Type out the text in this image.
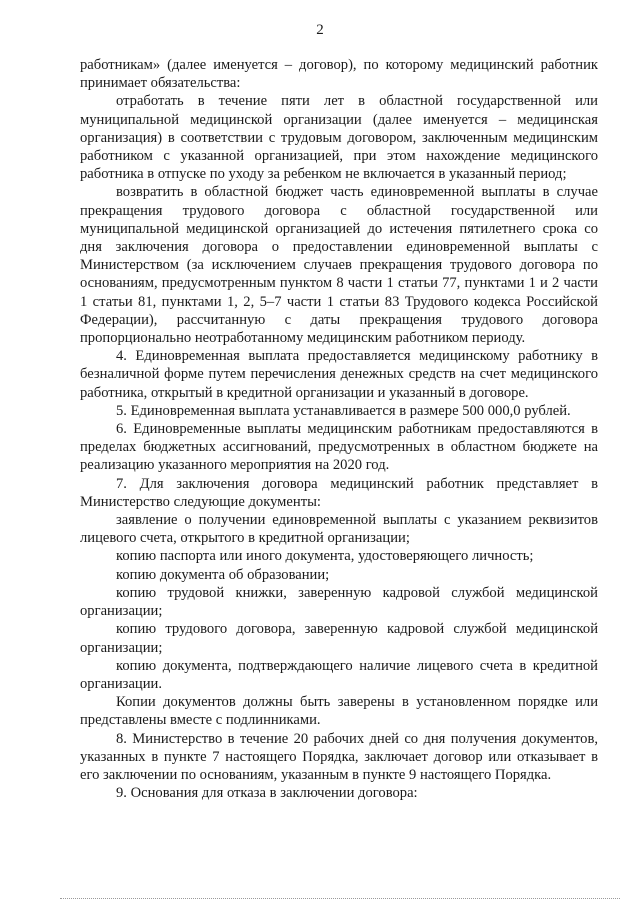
2

работникам» (далее именуется – договор), по которому медицинский работник принимает обязательства:

отработать в течение пяти лет в областной государственной или муниципальной медицинской организации (далее именуется – медицинская организация) в соответствии с трудовым договором, заключенным медицинским работником с указанной организацией, при этом нахождение медицинского работника в отпуске по уходу за ребенком не включается в указанный период;

возвратить в областной бюджет часть единовременной выплаты в случае прекращения трудового договора с областной государственной или муниципальной медицинской организацией до истечения пятилетнего срока со дня заключения договора о предоставлении единовременной выплаты с Министерством (за исключением случаев прекращения трудового договора по основаниям, предусмотренным пунктом 8 части 1 статьи 77, пунктами 1 и 2 части 1 статьи 81, пунктами 1, 2, 5–7 части 1 статьи 83 Трудового кодекса Российской Федерации), рассчитанную с даты прекращения трудового договора пропорционально неотработанному медицинским работником периоду.

4. Единовременная выплата предоставляется медицинскому работнику в безналичной форме путем перечисления денежных средств на счет медицинского работника, открытый в кредитной организации и указанный в договоре.

5. Единовременная выплата устанавливается в размере 500 000,0 рублей.

6. Единовременные выплаты медицинским работникам предоставляются в пределах бюджетных ассигнований, предусмотренных в областном бюджете на реализацию указанного мероприятия на 2020 год.

7. Для заключения договора медицинский работник представляет в Министерство следующие документы:

заявление о получении единовременной выплаты с указанием реквизитов лицевого счета, открытого в кредитной организации;

копию паспорта или иного документа, удостоверяющего личность;

копию документа об образовании;

копию трудовой книжки, заверенную кадровой службой медицинской организации;

копию трудового договора, заверенную кадровой службой медицинской организации;

копию документа, подтверждающего наличие лицевого счета в кредитной организации.

Копии документов должны быть заверены в установленном порядке или представлены вместе с подлинниками.

8. Министерство в течение 20 рабочих дней со дня получения документов, указанных в пункте 7 настоящего Порядка, заключает договор или отказывает в его заключении по основаниям, указанным в пункте 9 настоящего Порядка.

9. Основания для отказа в заключении договора:
